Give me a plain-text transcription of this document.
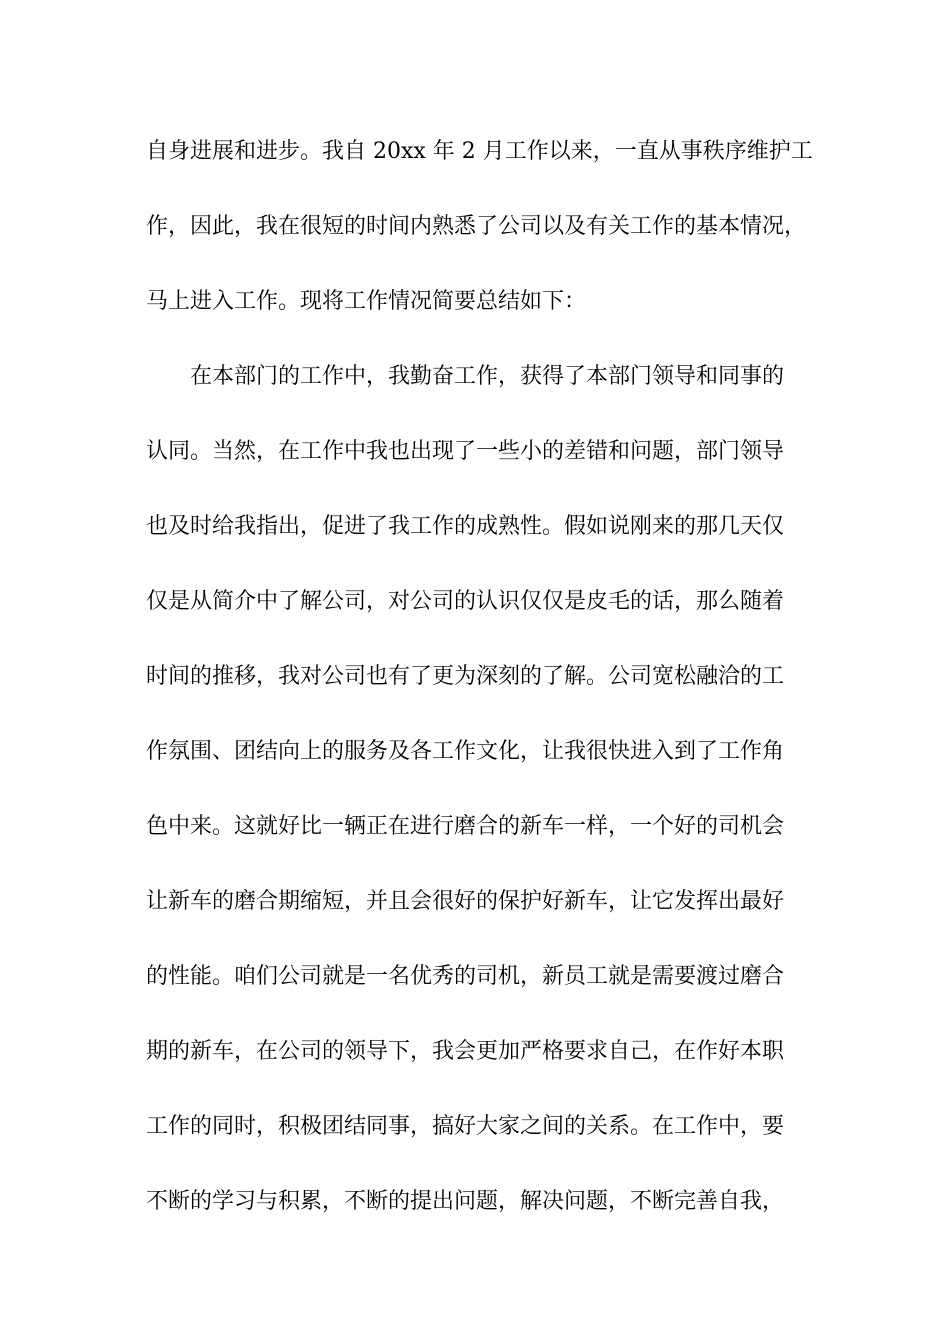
自身进展和进步。我自 20xx 年 2 月工作以来，一直从事秩序维护工

作，因此，我在很短的时间内熟悉了公司以及有关工作的基本情况，

马上进入工作。现将工作情况简要总结如下：

在本部门的工作中，我勤奋工作，获得了本部门领导和同事的

认同。当然，在工作中我也出现了一些小的差错和问题，部门领导

也及时给我指出，促进了我工作的成熟性。假如说刚来的那几天仅

仅是从简介中了解公司，对公司的认识仅仅是皮毛的话，那么随着

时间的推移，我对公司也有了更为深刻的了解。公司宽松融洽的工

作氛围、团结向上的服务及各工作文化，让我很快进入到了工作角

色中来。这就好比一辆正在进行磨合的新车一样，一个好的司机会

让新车的磨合期缩短，并且会很好的保护好新车，让它发挥出最好

的性能。咱们公司就是一名优秀的司机，新员工就是需要渡过磨合

期的新车，在公司的领导下，我会更加严格要求自己，在作好本职

工作的同时，积极团结同事，搞好大家之间的关系。在工作中，要

不断的学习与积累，不断的提出问题，解决问题，不断完善自我，
